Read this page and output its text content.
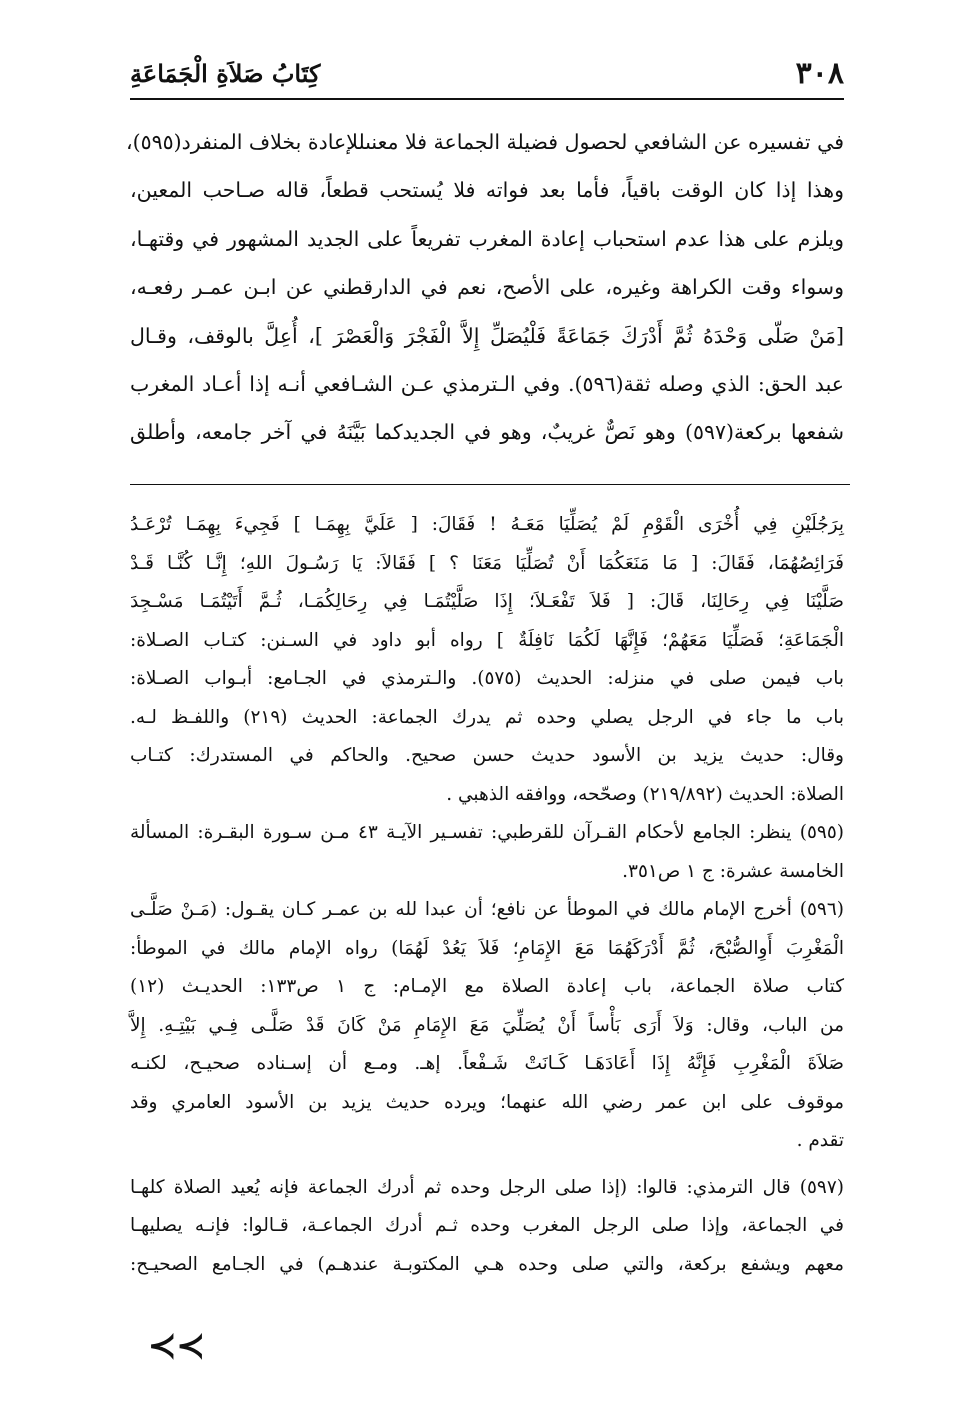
٣٠٨
كِتَابُ صَلاَةِ الْجَمَاعَةِ
في تفسيره عن الشافعي لحصول فضيلة الجماعة فلا معنىللإعادة بخلاف المنفرد(٥٩٥)،
وهذا إذا كان الوقت باقياً، فأما بعد فواته فلا يُستحب قطعاً، قاله صـاحب المعين،
ويلزم على هذا عدم استحباب إعادة المغرب تفريعاً على الجديد المشهور في وقتهـا،
وسواء وقت الكراهة وغيره، على الأصح، نعم في الدارقطني عن ابـن عمـر رفعـه،
[مَنْ صَلّى وَحْدَهُ ثُمَّ أَدْرَكَ جَمَاعَةً فَلْيُصَلِّ إِلاَّ الْفَجْرَ وَالْعَصْرَ ]، أُعِلَّ بالوقف، وقـال
عبد الحق: الذي وصله ثقة(٥٩٦). وفي الـترمذي عـن الشـافعي أنـه إذا أعـاد المغرب
شفعها بركعة(٥٩٧) وهو نَصٌّ غريبٌ، وهو في الجديدكما بَيَّنَهُ في آخر جامعه، وأطلق
بِرَجُلَيْنِ فِي أُخْرَى الْقَوْمِ لَمْ يُصَلِّيَا مَعَـهُ ! فَقَالَ: [ عَلَيَّ بِهِمَـا ] فَجِيءَ بِهِمَـا تُرْعَـدُ
فَرَائِصُهُمَا، فَقَالَ: [ مَا مَنَعَكُمَا أَنْ تُصَلِّيَا مَعَنَا ؟ ] فَقَالاَ: يَا رَسُـولَ اللهِ؛ إِنَّـا كُنَّـا قَـدْ
صَلَّيْنَا فِي رِحَالِنَا، قَالَ: [ فَلاَ تَفْعَـلاَ؛ إِذَا صَلَّيْتُمَـا فِي رِحَالِكُمَـا، ثُـمَّ أَتَيْتُمَـا مَسْـجِدَ
الْجَمَاعَةِ؛ فَصَلِّيَا مَعَهُمْ؛ فَإِنَّهَا لَكُمَا نَافِلَةٌ ] رواه أبو داود في السـنن: كتـاب الصـلاة:
باب فيمن صلى في منزله: الحديث (٥٧٥). والـترمذي في الجـامع: أبـواب الصـلاة:
باب ما جاء في الرجل يصلي وحده ثم يدرك الجماعة: الحديث (٢١٩) واللفـظ لـه.
وقال: حديث يزيد بن الأسود حديث حسن صحيح. والحاكم في المستدرك: كتـاب
الصلاة: الحديث (٢١٩/٨٩٢) وصحّحه، ووافقه الذهبي .
(٥٩٥) ينظر: الجامع لأحكام القـرآن للقرطبي: تفسـير الآيـة ٤٣ مـن سـورة البقـرة: المسألة
الخامسة عشرة: ج ١ ص٣٥١.
(٥٩٦) أخرج الإمام مالك في الموطأ عن نافع؛ أن عبدا لله بن عمـر كـان يقـول: (مَـنْ صَلَّـى
الْمَغْرِبَ أَوِالصُّبْحَ، ثُمَّ أَدْرَكَهُمَا مَعَ الإِمَامِ؛ فَلاَ يَعُدْ لَهُمَا) رواه الإمام مالك في الموطأ:
كتاب صلاة الجماعة، باب إعادة الصلاة مع الإمـام: ج ١ ص١٣٣: الحديـث (١٢)
من الباب، وقال: وَلاَ أَرَى بَأْساً أَنْ يُصَلِّيَ مَعَ الإِمَامِ مَنْ كَانَ قَدْ صَلَّـى فِـي بَيْتِـهِ. إِلاَّ
صَلاَةَ الْمَغْرِبِ فَإِنَّهُ إِذَا أَعَادَهَـا كَـانَتْ شَـفْعاً. إهـ. ومـع أن إسـناده صحيـح، لكنـه
موقوف على ابن عمر رضي الله عنهما؛ ويرده حديث يزيد بن الأسود العامري وقد
تقدم .
(٥٩٧) قال الترمذي: قالوا: (إذا صلى الرجل وحده ثم أدرك الجماعة فإنه يُعيد الصلاة كلهـا
في الجماعة، وإذا صلى الرجل المغرب وحده ثـم أدرك الجماعـة، قـالوا: فإنـه يصليهـا
معهم ويشفع بركعة، والتي صلى وحده هـي المكتوبـة عندهـم) في الجـامع الصحيـح:
≺≺
